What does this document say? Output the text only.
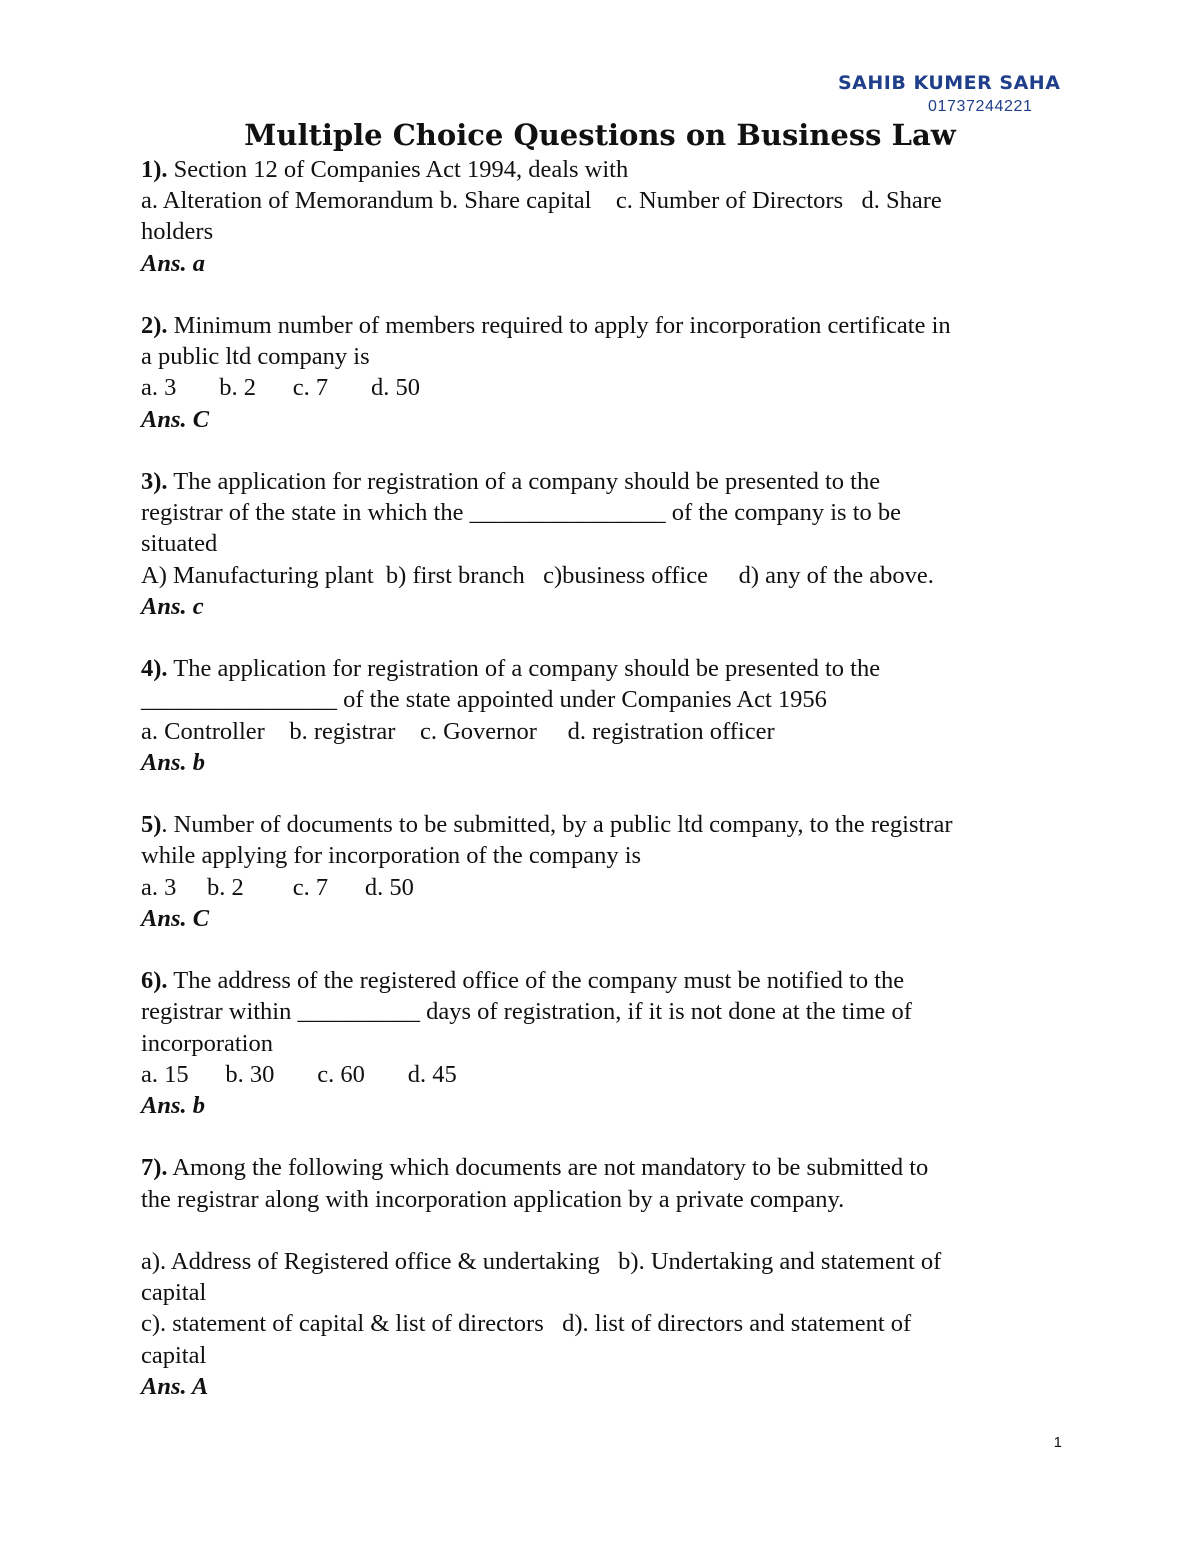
SAHIB KUMER SAHA
01737244221
Multiple Choice Questions on Business Law

1). Section 12 of Companies Act 1994, deals with

a. Alteration of Memorandum b. Share capital    c. Number of Directors   d. Share

holders

Ans. a

2). Minimum number of members required to apply for incorporation certificate in

a public ltd company is

a. 3       b. 2      c. 7       d. 50

Ans. C

3). The application for registration of a company should be presented to the

registrar of the state in which the ________________ of the company is to be

situated

A) Manufacturing plant  b) first branch   c)business office     d) any of the above.

Ans. c

4). The application for registration of a company should be presented to the

________________ of the state appointed under Companies Act 1956

a. Controller    b. registrar    c. Governor     d. registration officer

Ans. b

5). Number of documents to be submitted, by a public ltd company, to the registrar

while applying for incorporation of the company is

a. 3     b. 2        c. 7      d. 50

Ans. C

6). The address of the registered office of the company must be notified to the

registrar within __________ days of registration, if it is not done at the time of

incorporation

a. 15      b. 30       c. 60       d. 45

Ans. b

7). Among the following which documents are not mandatory to be submitted to

the registrar along with incorporation application by a private company.

a). Address of Registered office & undertaking   b). Undertaking and statement of

capital

c). statement of capital & list of directors   d). list of directors and statement of

capital

Ans. A

1
